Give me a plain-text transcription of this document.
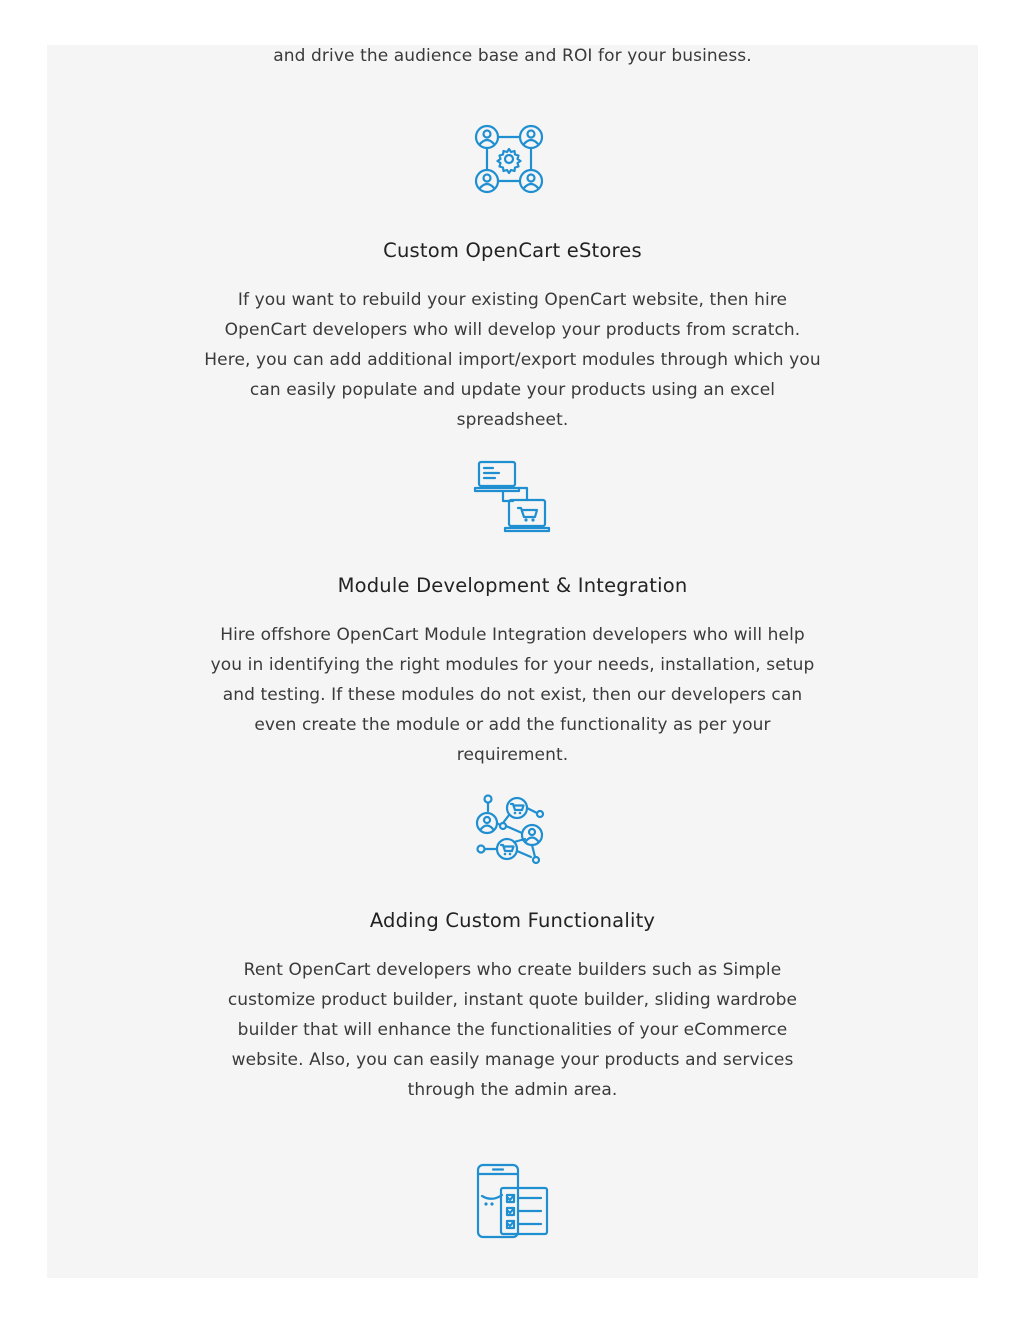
and drive the audience base and ROI for your business.
Custom OpenCart eStores
If you want to rebuild your existing OpenCart website, then hire OpenCart developers who will develop your products from scratch. Here, you can add additional import/export modules through which you can easily populate and update your products using an excel spreadsheet.
Module Development & Integration
Hire offshore OpenCart Module Integration developers who will help you in identifying the right modules for your needs, installation, setup and testing. If these modules do not exist, then our developers can even create the module or add the functionality as per your requirement.
Adding Custom Functionality
Rent OpenCart developers who create builders such as Simple customize product builder, instant quote builder, sliding wardrobe builder that will enhance the functionalities of your eCommerce website. Also, you can easily manage your products and services through the admin area.
